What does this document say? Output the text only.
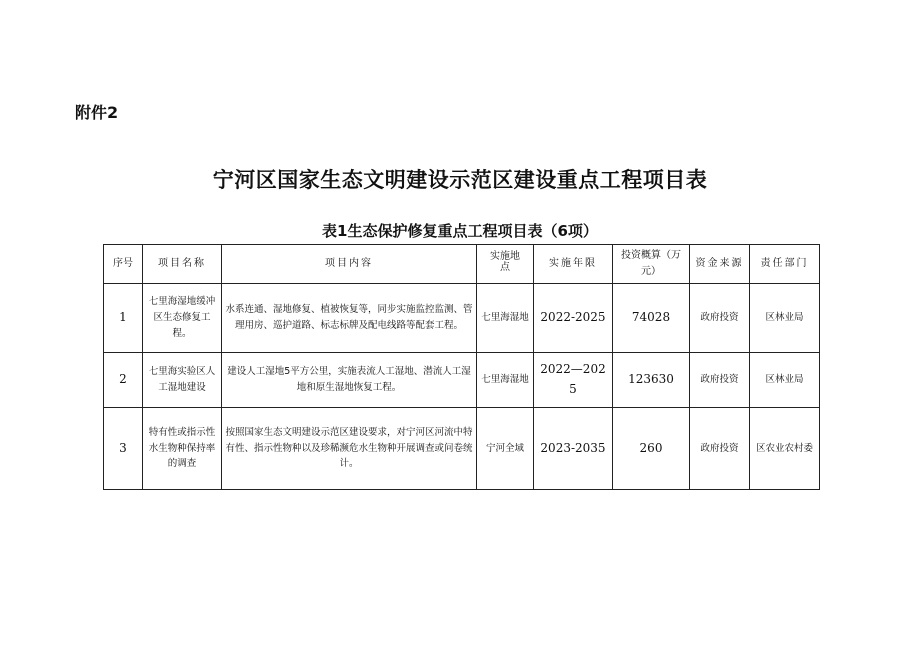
附件2
宁河区国家生态文明建设示范区建设重点工程项目表
表1生态保护修复重点工程项目表（6项）
序号	项目名称	项目内容	实施地点	实施年限	投资概算（万元）	资金来源	责任部门
1	七里海湿地缓冲区生态修复工程。	水系连通、湿地修复、植被恢复等，同步实施监控监测、管理用房、巡护道路、标志标牌及配电线路等配套工程。	七里海湿地	2022-2025	74028	政府投资	区林业局
2	七里海实验区人工湿地建设	建设人工湿地5平方公里，实施表流人工湿地、潜流人工湿地和原生湿地恢复工程。	七里海湿地	2022—2025	123630	政府投资	区林业局
3	特有性或指示性水生物种保持率的调查	按照国家生态文明建设示范区建设要求，对宁河区河流中特有性、指示性物种以及珍稀濒危水生物种开展调查或问卷统计。	宁河全域	2023-2035	260	政府投资	区农业农村委
